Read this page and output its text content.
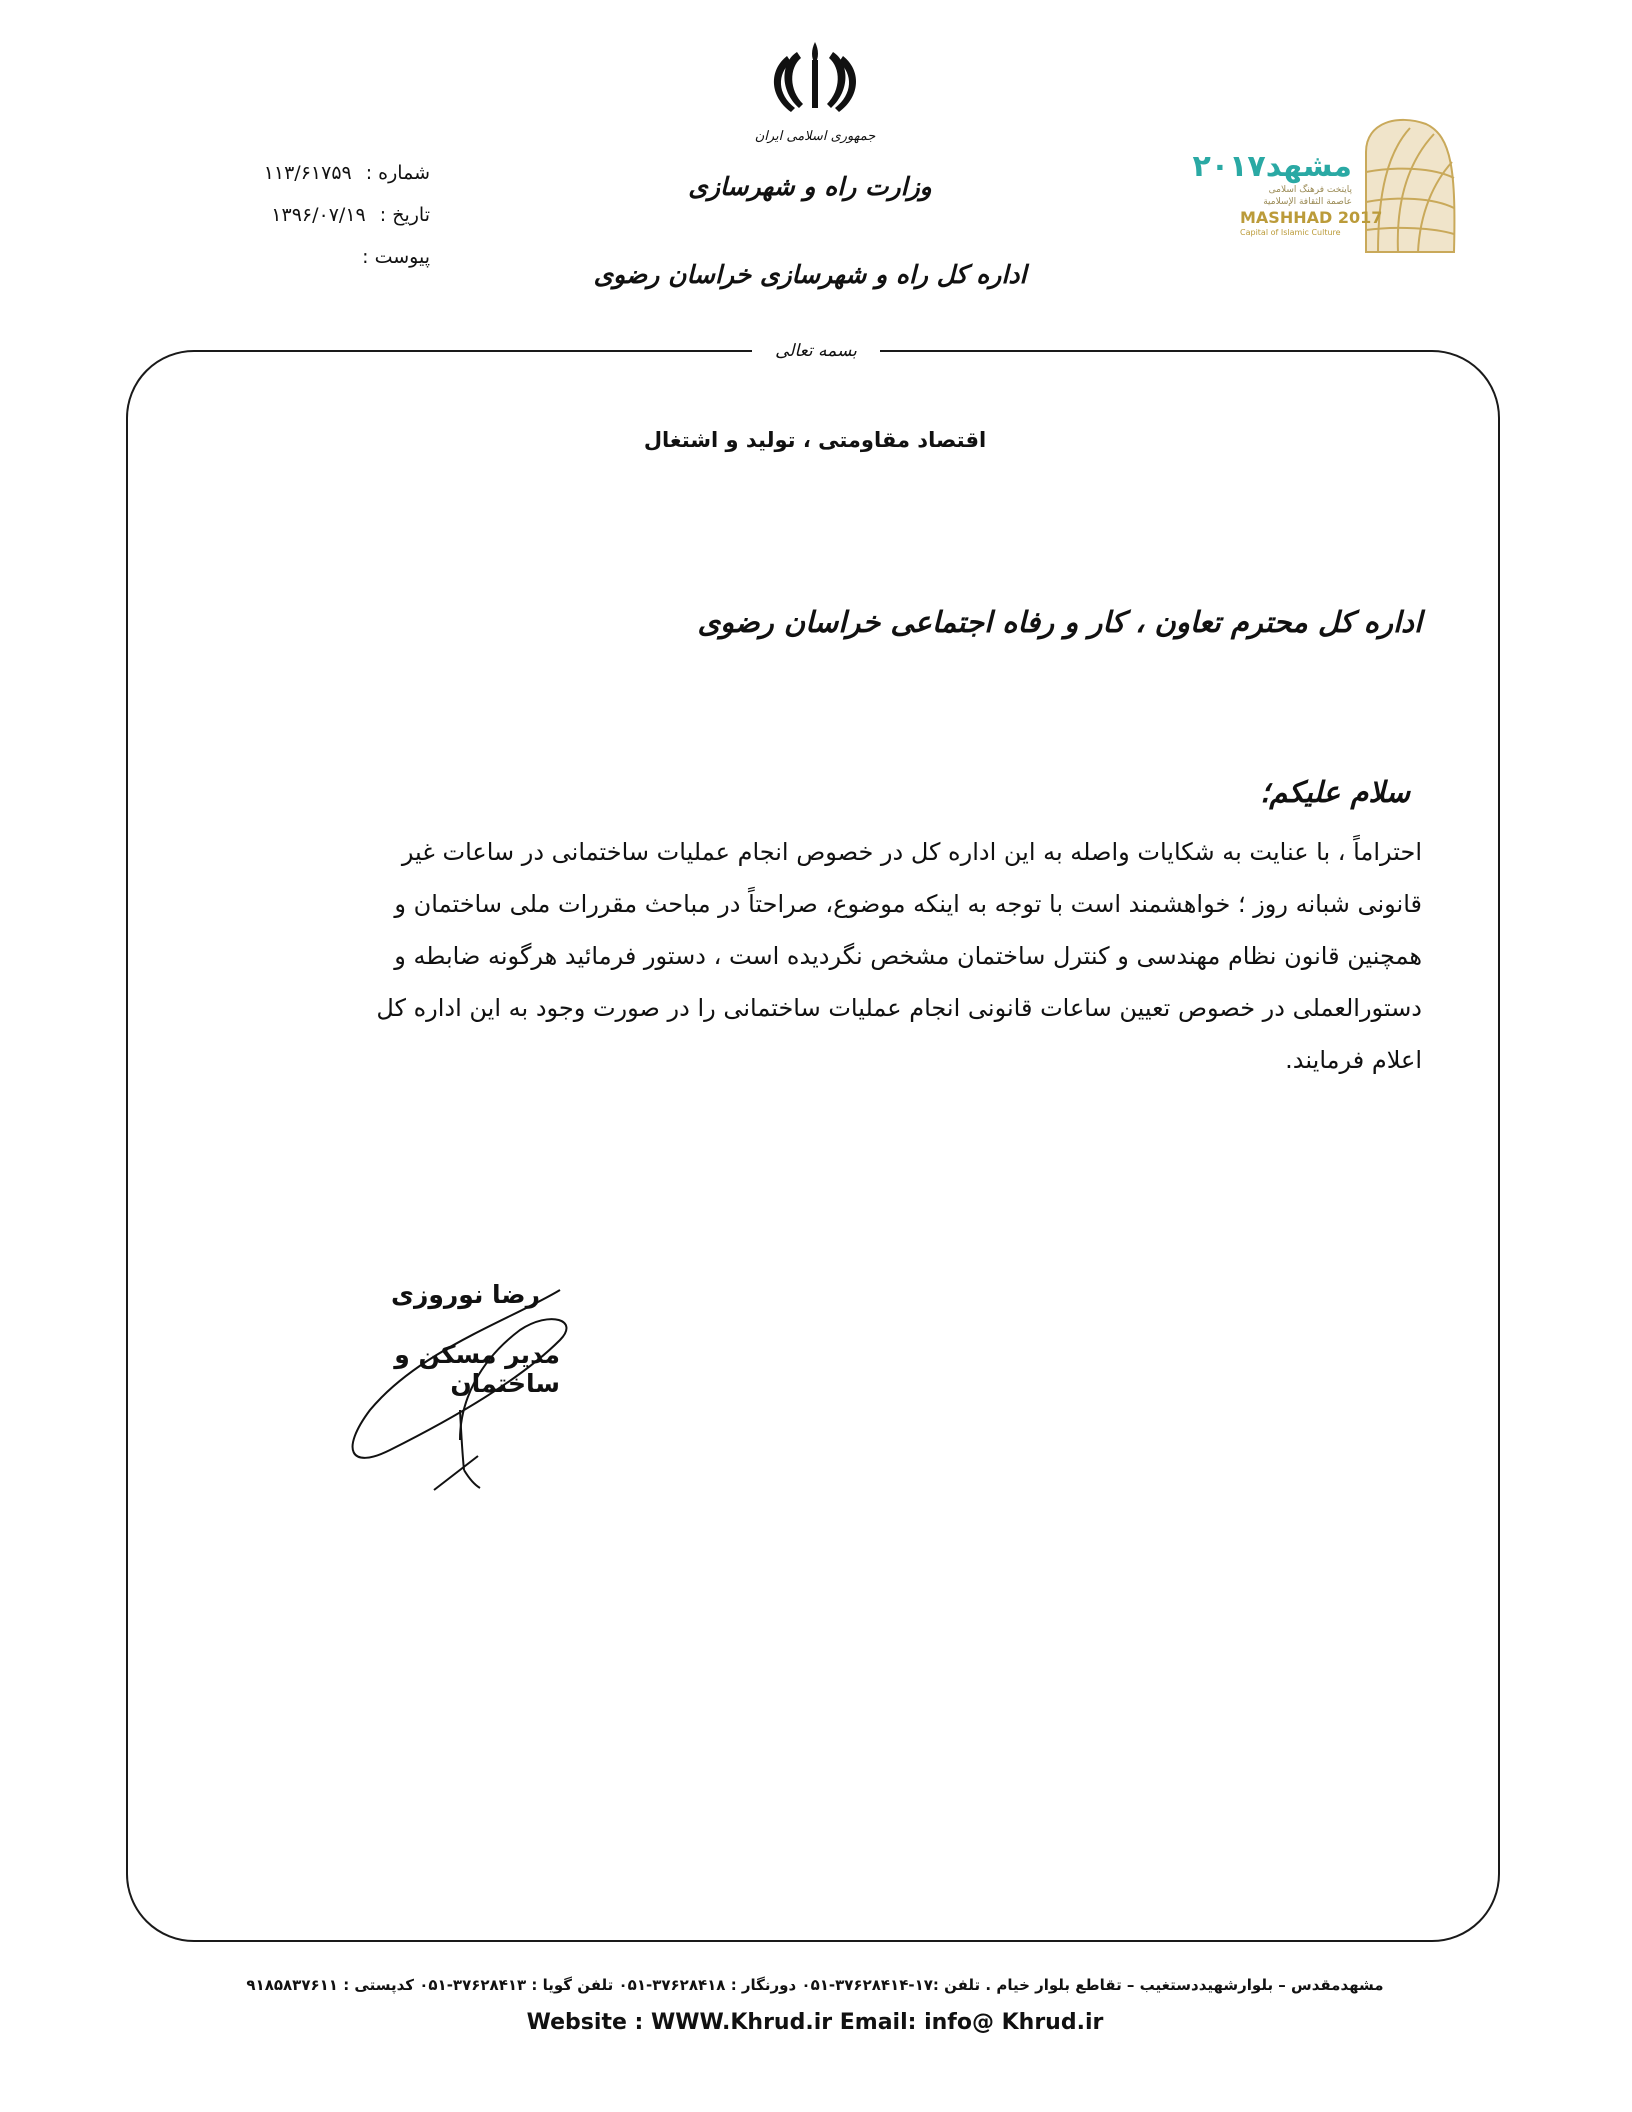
جمهوری اسلامی ایران
وزارت راه و شهرسازی
اداره کل راه و شهرسازی خراسان رضوی
شماره :
۱۱۳/۶۱۷۵۹
تاریخ :
۱۳۹۶/۰۷/۱۹
پیوست :
مشهد۲۰۱۷
پایتخت فرهنگ اسلامی
عاصمة الثقافة الإسلامية
MASHHAD 2017
Capital of Islamic Culture
بسمه تعالی
اقتصاد مقاومتی ، تولید و اشتغال
اداره کل محترم تعاون ، کار و رفاه اجتماعی خراسان رضوی
سلام علیکم؛

احتراماً ، با عنایت به شکایات واصله به این اداره کل در خصوص انجام عملیات ساختمانی در ساعات غیر

قانونی شبانه روز ؛ خواهشمند است با توجه به اینکه موضوع، صراحتاً در مباحث مقررات ملی ساختمان و

همچنین قانون نظام مهندسی و کنترل ساختمان مشخص نگردیده است ، دستور فرمائید هرگونه ضابطه و

دستورالعملی در خصوص تعیین ساعات قانونی انجام عملیات ساختمانی را در صورت وجود به این اداره کل

اعلام فرمایند.

رضا نوروزی
مدیر مسکن و ساختمان
مشهدمقدس – بلوارشهیددستغیب – تقاطع بلوار خیام . تلفن :۱۷-۳۷۶۲۸۴۱۴-۰۵۱ دورنگار : ۳۷۶۲۸۴۱۸-۰۵۱ تلفن گویا : ۳۷۶۲۸۴۱۳-۰۵۱ کدپستی : ۹۱۸۵۸۳۷۶۱۱
Website : WWW.Khrud.ir Email: info@ Khrud.ir
